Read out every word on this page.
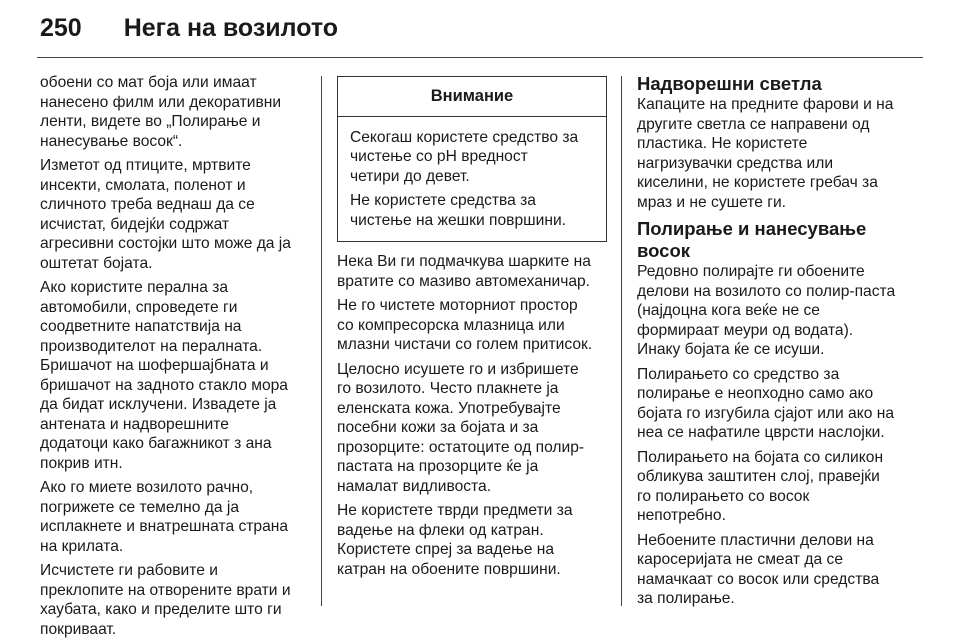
250 Нега на возилото

обоени со мат боја или имаат
нанесено филм или декоративни
ленти, видете во „Полирање и
нанесување восок“.

Изметот од птиците, мртвите
инсекти, смолата, поленот и
сличното треба веднаш да се
исчистат, бидејќи содржат
агресивни состојки што може да ја
оштетат бојата.

Ако користите перална за
автомобили, спроведете ги
соодветните напатствија на
производителот на пералната.
Бришачот на шофершајбната и
бришачот на задното стакло мора
да бидат исклучени. Извадете ја
антената и надворешните
додатоци како багажникот з ана
покрив итн.

Ако го миете возилото рачно,
погрижете се темелно да ја
исплакнете и внатрешната страна
на крилата.

Исчистете ги рабовите и
преклопите на отворените врати и
хаубата, како и пределите што ги
покриваат.

Внимание

Секогаш користете средство за
чистење со pH вредност
четири до девет.

Не користете средства за
чистење на жешки површини.

Нека Ви ги подмачкува шарките на
вратите со мазиво автомеханичар.

Не го чистете моторниот простор
со компресорска млазница или
млазни чистачи со голем притисок.

Целосно исушете го и избришете
го возилото. Често плакнете ја
еленската кожа. Употребувајте
посебни кожи за бојата и за
прозорците: остатоците од полир-
пастата на прозорците ќе ја
намалат видливоста.

Не користете тврди предмети за
вадење на флеки од катран.
Користете спреј за вадење на
катран на обоените површини.

Надворешни светла

Капаците на предните фарови и на
другите светла се направени од
пластика. Не користете
нагризувачки средства или
киселини, не користете гребач за
мраз и не сушете ги.

Полирање и нанесување
восок

Редовно полирајте ги обоените
делови на возилото со полир-паста
(најдоцна кога веќе не се
формираат меури од водата).
Инаку бојата ќе се исуши.

Полирањето со средство за
полирање е неопходно само ако
бојата го изгубила сјајот или ако на
неа се нафатиле цврсти наслојки.

Полирањето на бојата со силикон
обликува заштитен слој, правејќи
го полирањето со восок
непотребно.

Небоените пластични делови на
каросеријата не смеат да се
намачкаат со восок или средства
за полирање.
